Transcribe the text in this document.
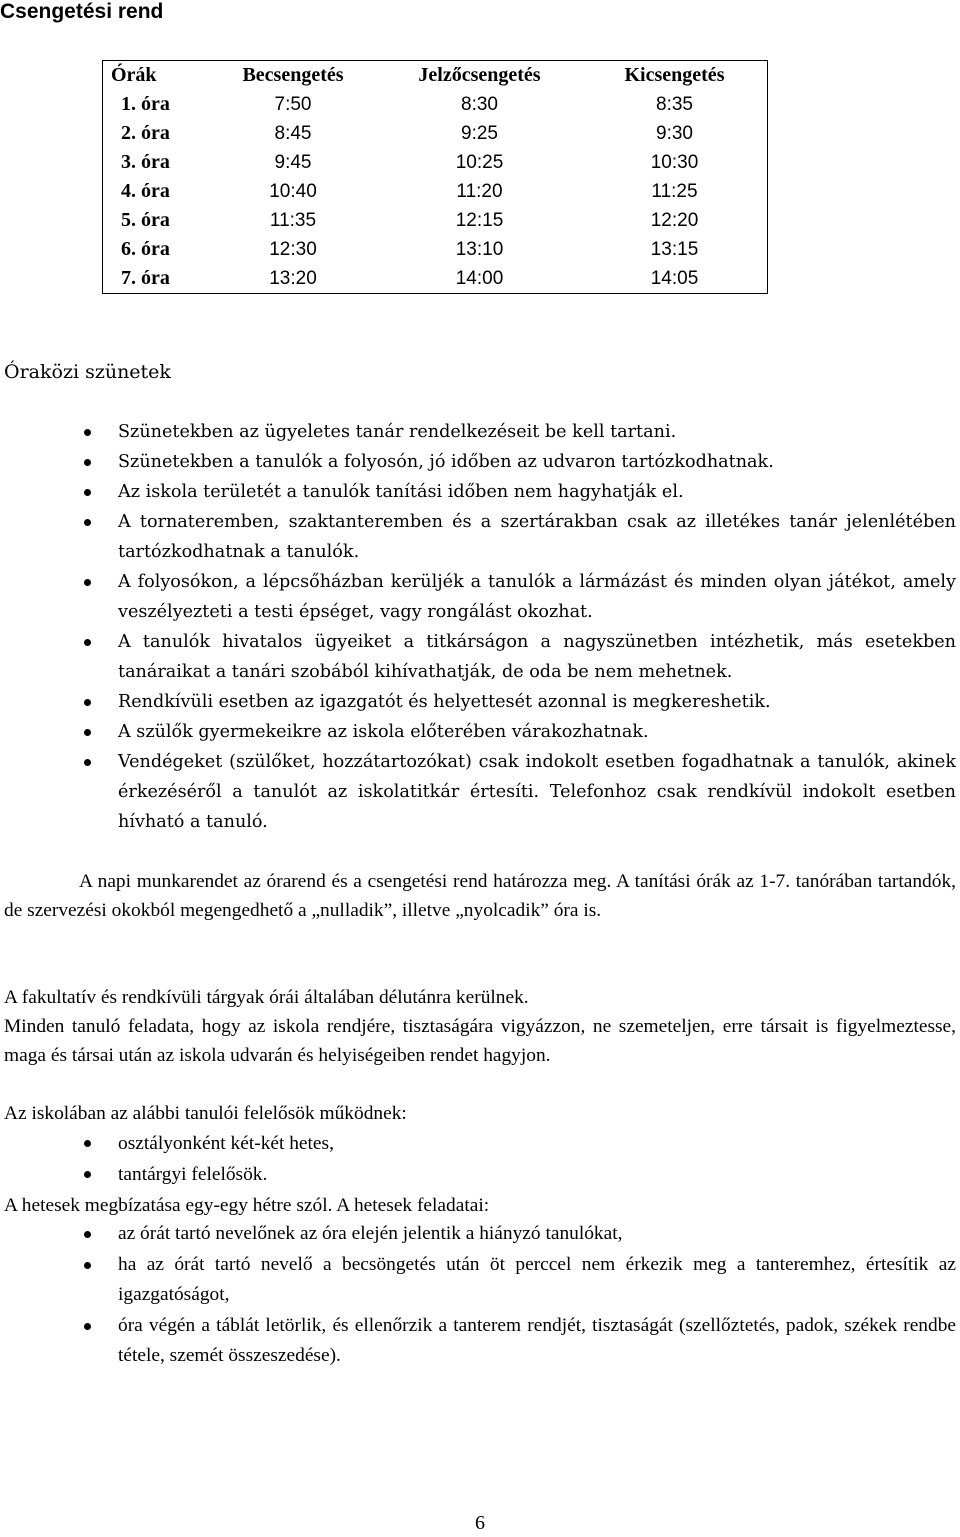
Csengetési rend
Órák	Becsengetés	Jelzőcsengetés	Kicsengetés
1. óra	7:50	8:30	8:35
2. óra	8:45	9:25	9:30
3. óra	9:45	10:25	10:30
4. óra	10:40	11:20	11:25
5. óra	11:35	12:15	12:20
6. óra	12:30	13:10	13:15
7. óra	13:20	14:00	14:05
Óraközi szünetek
Szünetekben az ügyeletes tanár rendelkezéseit be kell tartani.
Szünetekben a tanulók a folyosón, jó időben az udvaron tartózkodhatnak.
Az iskola területét a tanulók tanítási időben nem hagyhatják el.
A tornateremben, szaktanteremben és a szertárakban csak az illetékes tanár jelenlétében tartózkodhatnak a tanulók.
A folyosókon, a lépcsőházban kerüljék a tanulók a lármázást és minden olyan játékot, amely veszélyezteti a testi épséget, vagy rongálást okozhat.
A tanulók hivatalos ügyeiket a titkárságon a nagyszünetben intézhetik, más esetekben tanáraikat a tanári szobából kihívathatják, de oda be nem mehetnek.
Rendkívüli esetben az igazgatót és helyettesét azonnal is megkereshetik.
A szülők gyermekeikre az iskola előterében várakozhatnak.
Vendégeket (szülőket, hozzátartozókat) csak indokolt esetben fogadhatnak a tanulók, akinek érkezéséről a tanulót az iskolatitkár értesíti. Telefonhoz csak rendkívül indokolt esetben hívható a tanuló.

A napi munkarendet az órarend és a csengetési rend határozza meg. A tanítási órák az 1-7. tanórában tartandók, de szervezési okokból megengedhető a „nulladik”, illetve „nyolcadik” óra is.

A fakultatív és rendkívüli tárgyak órái általában délutánra kerülnek.

Minden tanuló feladata, hogy az iskola rendjére, tisztaságára vigyázzon, ne szemeteljen, erre társait is figyelmeztesse, maga és társai után az iskola udvarán és helyiségeiben rendet hagyjon.

Az iskolában az alábbi tanulói felelősök működnek:

osztályonként két-két hetes,
tantárgyi felelősök.

A hetesek megbízatása egy-egy hétre szól. A hetesek feladatai:

az órát tartó nevelőnek az óra elején jelentik a hiányzó tanulókat,
ha az órát tartó nevelő a becsöngetés után öt perccel nem érkezik meg a tanteremhez, értesítik az igazgatóságot,
óra végén a táblát letörlik, és ellenőrzik a tanterem rendjét, tisztaságát (szellőztetés, padok, székek rendbe tétele, szemét összeszedése).
6
